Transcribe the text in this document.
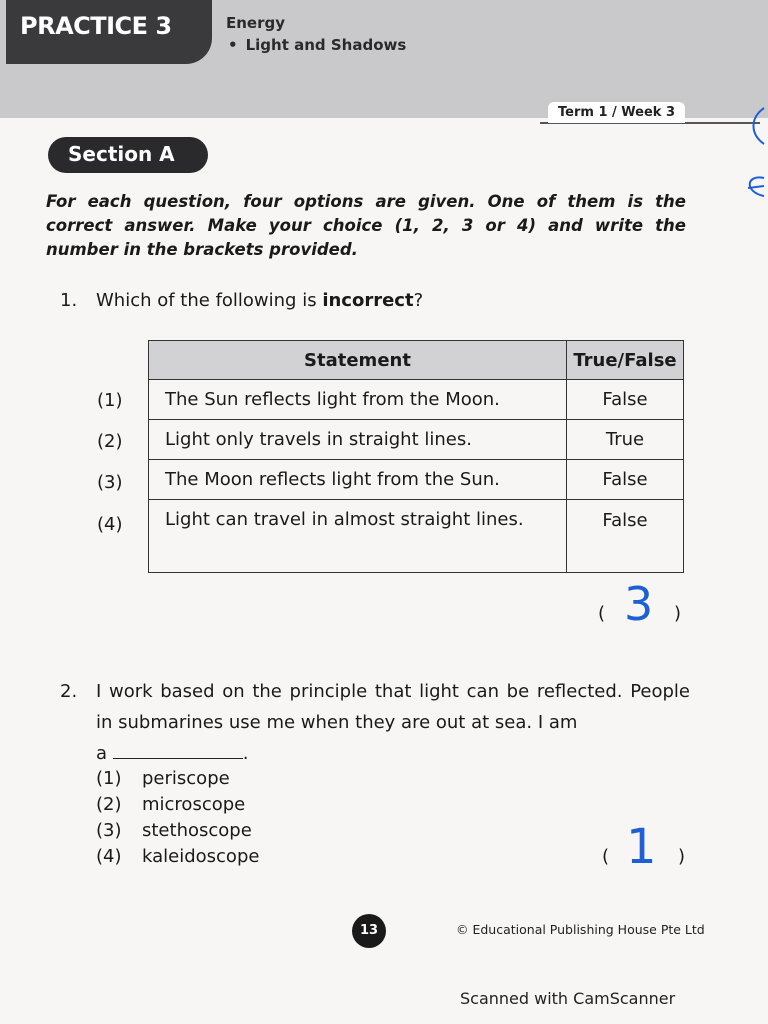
PRACTICE 3	Energy
• Light and Shadows
Term 1 / Week 3
Section A
For each question, four options are given. One of them is the correct answer. Make your choice (1, 2, 3 or 4) and write the number in the brackets provided.
1. Which of the following is incorrect?
(1)
(2)
(3)
(4)
Statement	True/False
The Sun reflects light from the Moon.	False
Light only travels in straight lines.	True
The Moon reflects light from the Sun.	False
Light can travel in almost straight lines.	False
( 3 )
2. I work based on the principle that light can be reflected. People in submarines use me when they are out at sea. I am
a	.
(1) periscope
(2) microscope
(3) stethoscope
(4) kaleidoscope	( 1 )
13	© Educational Publishing House Pte Ltd
Scanned with CamScanner
